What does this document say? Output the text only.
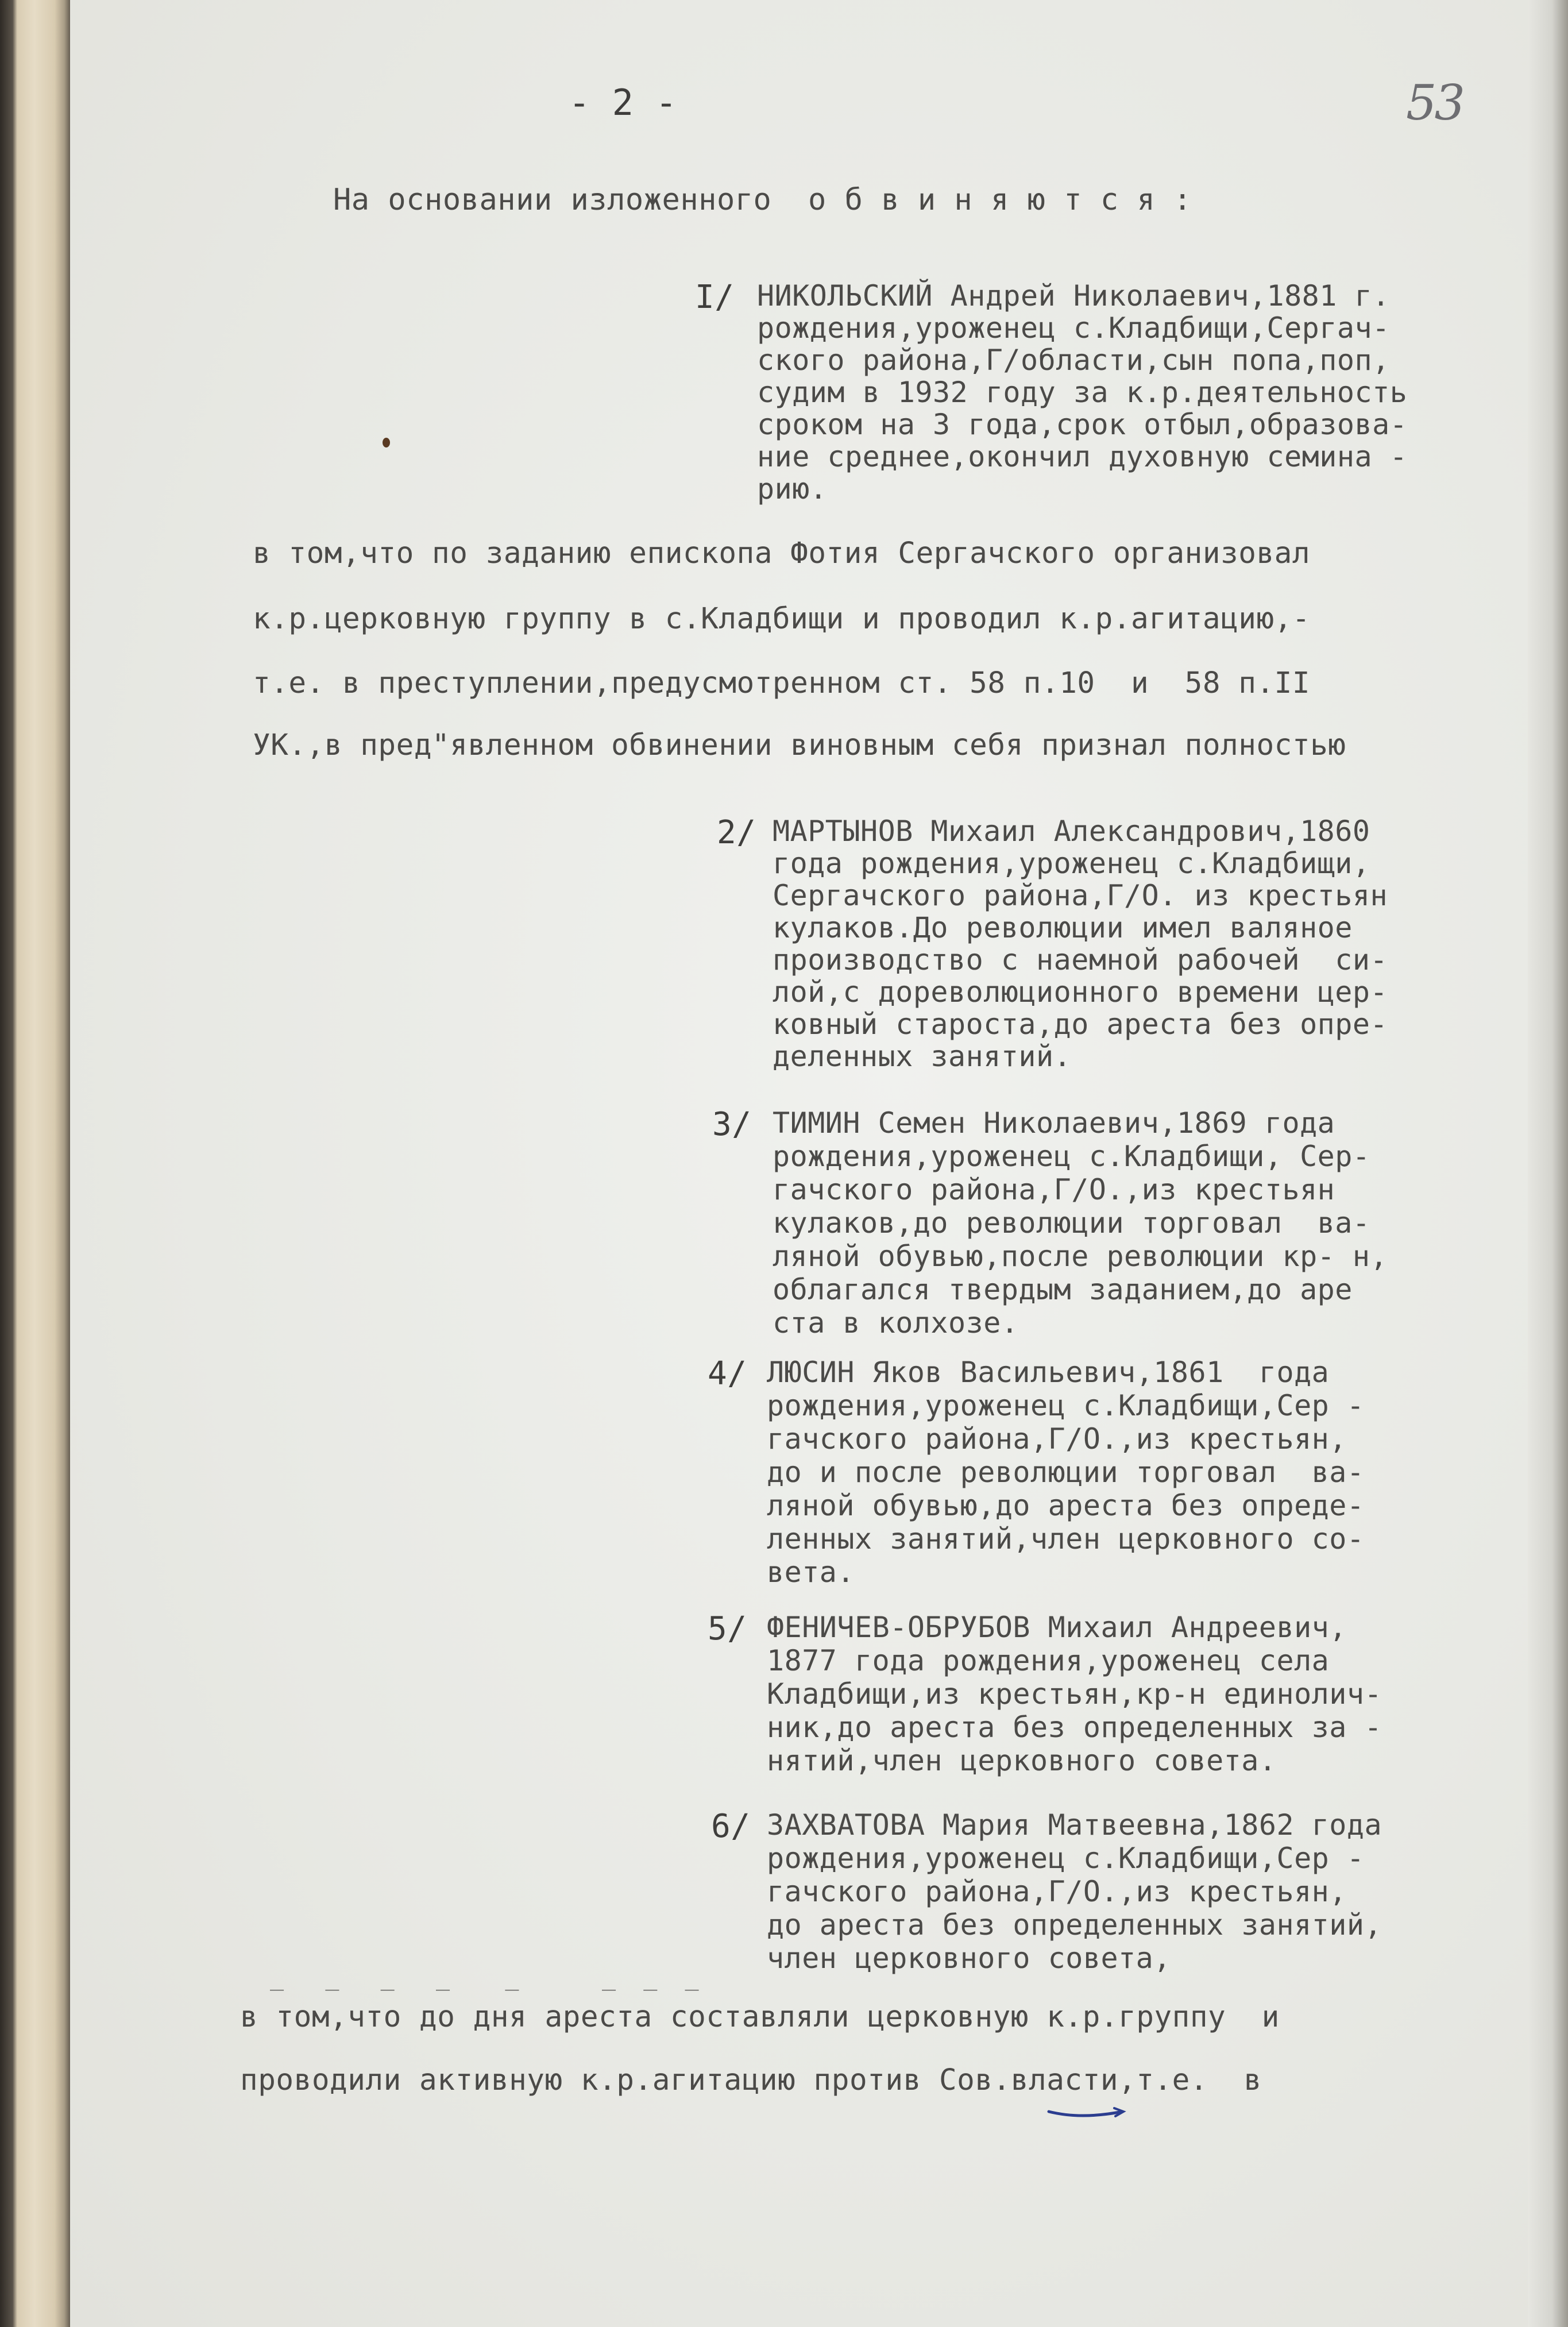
- 2 -	53
На основании изложенного  о б в и н я ю т с я :
I/ НИКОЛЬСКИЙ Андрей Николаевич,1881 г.
рождения,уроженец с.Кладбищи,Сергач-
ского района,Г/области,сын попа,поп,
судим в 1932 году за к.р.деятельность
сроком на 3 года,срок отбыл,образова-
ние среднее,окончил духовную семина -
рию.
в том,что по заданию епископа Фотия Сергачского организовал
к.р.церковную группу в с.Кладбищи и проводил к.р.агитацию,-
т.е. в преступлении,предусмотренном ст. 58 п.10  и  58 п.II
УК.,в пред"явленном обвинении виновным себя признал полностью
2/ МАРТЫНОВ Михаил Александрович,1860
года рождения,уроженец с.Кладбищи,
Сергачского района,Г/О. из крестьян
кулаков.До революции имел валяное
производство с наемной рабочей  си-
лой,с дореволюционного времени цер-
ковный староста,до ареста без опре-
деленных занятий.
3/ ТИМИН Семен Николаевич,1869 года
рождения,уроженец с.Кладбищи, Сер-
гачского района,Г/О.,из крестьян
кулаков,до революции торговал  ва-
ляной обувью,после революции кр- н,
облагался твердым заданием,до аре
ста в колхозе.
4/ ЛЮСИН Яков Васильевич,1861  года
рождения,уроженец с.Кладбищи,Сер -
гачского района,Г/О.,из крестьян,
до и после революции торговал  ва-
ляной обувью,до ареста без опреде-
ленных занятий,член церковного со-
вета.
5/ ФЕНИЧЕВ-ОБРУБОВ Михаил Андреевич,
1877 года рождения,уроженец села
Кладбищи,из крестьян,кр-н единолич-
ник,до ареста без определенных за -
нятий,член церковного совета.
6/ ЗАХВАТОВА Мария Матвеевна,1862 года
рождения,уроженец с.Кладбищи,Сер -
гачского района,Г/О.,из крестьян,
до ареста без определенных занятий,
член церковного совета,
_   _   _   _    _      _  _  _
в том,что до дня ареста составляли церковную к.р.группу  и
проводили активную к.р.агитацию против Сов.власти,т.е.  в
